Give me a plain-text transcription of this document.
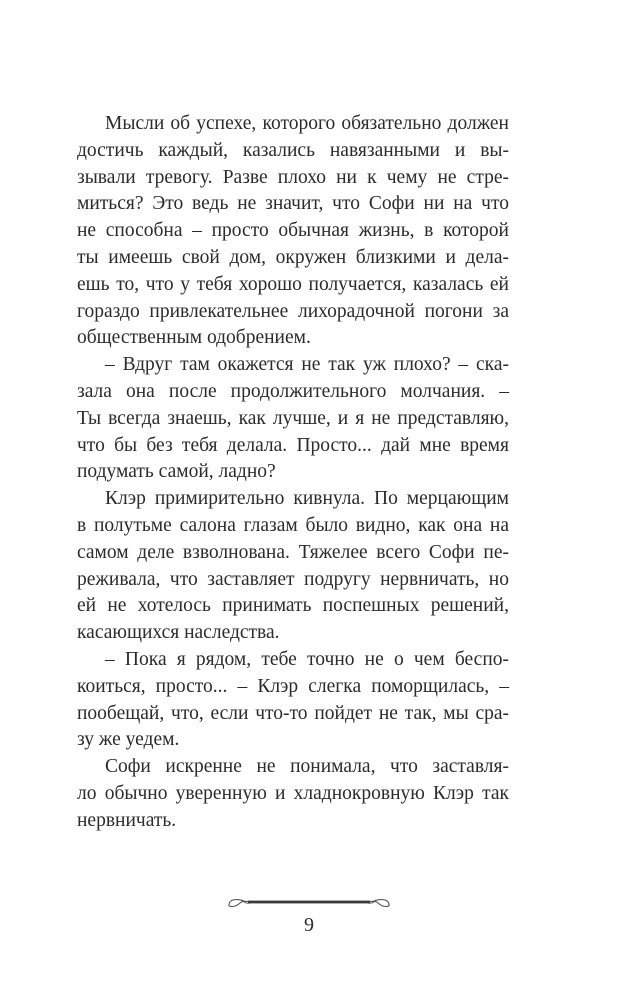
Мысли об успехе, которого обязательно должен
достичь каждый, казались навязанными и вы-
зывали тревогу. Разве плохо ни к чему не стре-
миться? Это ведь не значит, что Софи ни на что
не способна – просто обычная жизнь, в которой
ты имеешь свой дом, окружен близкими и дела-
ешь то, что у тебя хорошо получается, казалась ей
гораздо привлекательнее лихорадочной погони за
общественным одобрением.
– Вдруг там окажется не так уж плохо? – ска-
зала она после продолжительного молчания. –
Ты всегда знаешь, как лучше, и я не представляю,
что бы без тебя делала. Просто... дай мне время
подумать самой, ладно?
Клэр примирительно кивнула. По мерцающим
в полутьме салона глазам было видно, как она на
самом деле взволнована. Тяжелее всего Софи пе-
реживала, что заставляет подругу нервничать, но
ей не хотелось принимать поспешных решений,
касающихся наследства.
– Пока я рядом, тебе точно не о чем беспо-
коиться, просто... – Клэр слегка поморщилась, –
пообещай, что, если что-то пойдет не так, мы сра-
зу же уедем.
Софи искренне не понимала, что заставля-
ло обычно уверенную и хладнокровную Клэр так
нервничать.
9
